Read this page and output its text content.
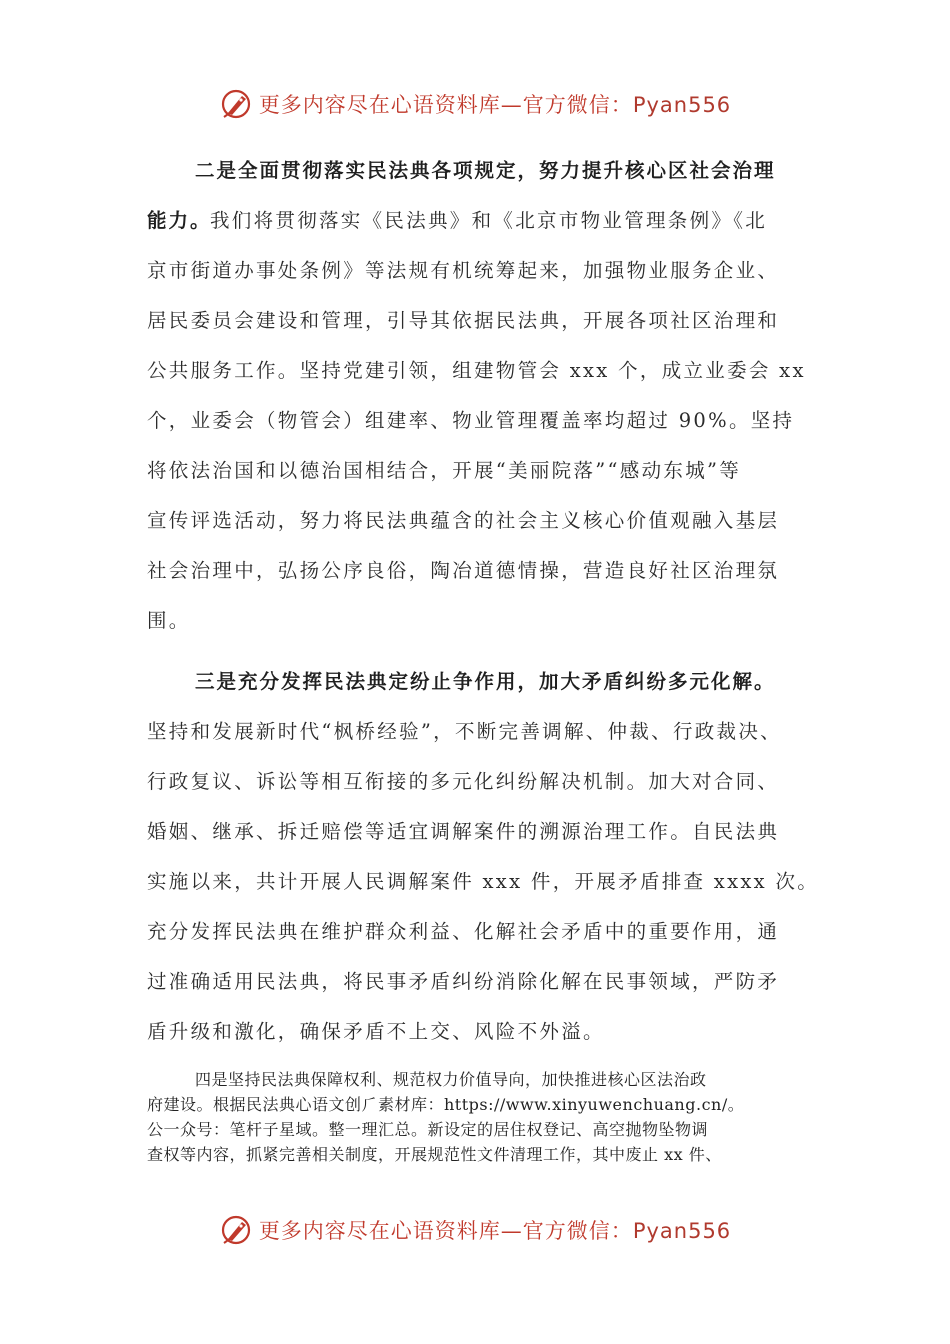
更多内容尽在心语资料库—官方微信：Pyan556

二是全面贯彻落实民法典各项规定，努力提升核心区社会治理

能力。

我们将贯彻落实《民法典》和《北京市物业管理条例》《北

京市街道办事处条例》等法规有机统筹起来，加强物业服务企业、

居民委员会建设和管理，引导其依据民法典，开展各项社区治理和

公共服务工作。坚持党建引领，组建物管会 xxx 个，成立业委会 xx

个，业委会（物管会）组建率、物业管理覆盖率均超过 90%。坚持

将依法治国和以德治国相结合，开展“美丽院落”“感动东城”等

宣传评选活动，努力将民法典蕴含的社会主义核心价值观融入基层

社会治理中，弘扬公序良俗，陶冶道德情操，营造良好社区治理氛

围。

三是充分发挥民法典定纷止争作用，加大矛盾纠纷多元化解。

坚持和发展新时代“枫桥经验”，不断完善调解、仲裁、行政裁决、

行政复议、诉讼等相互衔接的多元化纠纷解决机制。加大对合同、

婚姻、继承、拆迁赔偿等适宜调解案件的溯源治理工作。自民法典

实施以来，共计开展人民调解案件 xxx 件，开展矛盾排查 xxxx 次。

充分发挥民法典在维护群众利益、化解社会矛盾中的重要作用，通

过准确适用民法典，将民事矛盾纠纷消除化解在民事领域，严防矛

盾升级和激化，确保矛盾不上交、风险不外溢。

四是坚持民法典保障权利、规范权力价值导向，加快推进核心区法治政

府建设。根据民法典心语文创⺁素材库：https://www.xinyuwenchuang.cn/。

公一众号：笔杆子星域。整一理汇总。新设定的居住权登记、高空抛物坠物调

查权等内容，抓紧完善相关制度，开展规范性文件清理工作，其中废止 xx 件、

更多内容尽在心语资料库—官方微信：Pyan556
